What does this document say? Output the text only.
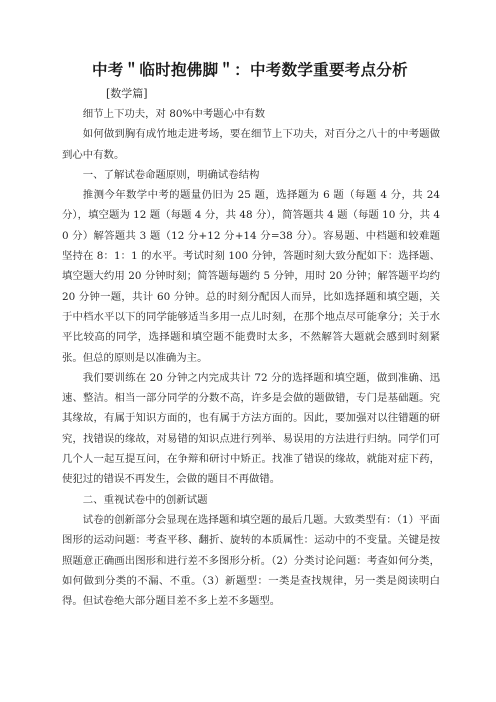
中考＂临时抱佛脚＂：中考数学重要考点分析
[数学篇]

细节上下功夫，对 80%中考题心中有数

如何做到胸有成竹地走进考场，要在细节上下功夫，对百分之八十的中考题做到心中有数。

一、了解试卷命题原则，明确试卷结构

推测今年数学中考的题量仍旧为 25 题，选择题为 6 题（每题 4 分，共 24 分），填空题为 12 题（每题 4 分，共 48 分），简答题共 4 题（每题 10 分，共 40 分）解答题共 3 题（12 分+12 分+14 分=38 分）。容易题、中档题和较难题坚持在 8：1：1 的水平。考试时刻 100 分钟，答题时刻大致分配如下：选择题、填空题大约用 20 分钟时刻；简答题每题约 5 分钟，用时 20 分钟；解答题平均约 20 分钟一题，共计 60 分钟。总的时刻分配因人而异，比如选择题和填空题，关于中档水平以下的同学能够适当多用一点儿时刻，在那个地点尽可能拿分；关于水平比较高的同学，选择题和填空题不能费时太多，不然解答大题就会感到时刻紧张。但总的原则是以准确为主。

我们要训练在 20 分钟之内完成共计 72 分的选择题和填空题，做到准确、迅速、整洁。相当一部分同学的分数不高，许多是会做的题做错，专门是基础题。究其缘故，有属于知识方面的，也有属于方法方面的。因此，要加强对以往错题的研究，找错误的缘故，对易错的知识点进行列举、易误用的方法进行归纳。同学们可几个人一起互提互问，在争辩和研讨中矫正。找准了错误的缘故，就能对症下药，使犯过的错误不再发生，会做的题目不再做错。

二、重视试卷中的创新试题

试卷的创新部分会显现在选择题和填空题的最后几题。大致类型有：（1）平面图形的运动问题：考查平移、翻折、旋转的本质属性：运动中的不变量。关键是按照题意正确画出图形和进行差不多图形分析。（2）分类讨论问题：考查如何分类，如何做到分类的不漏、不重。（3）新题型：一类是查找规律，另一类是阅读明白得。但试卷绝大部分题目差不多上差不多题型。
